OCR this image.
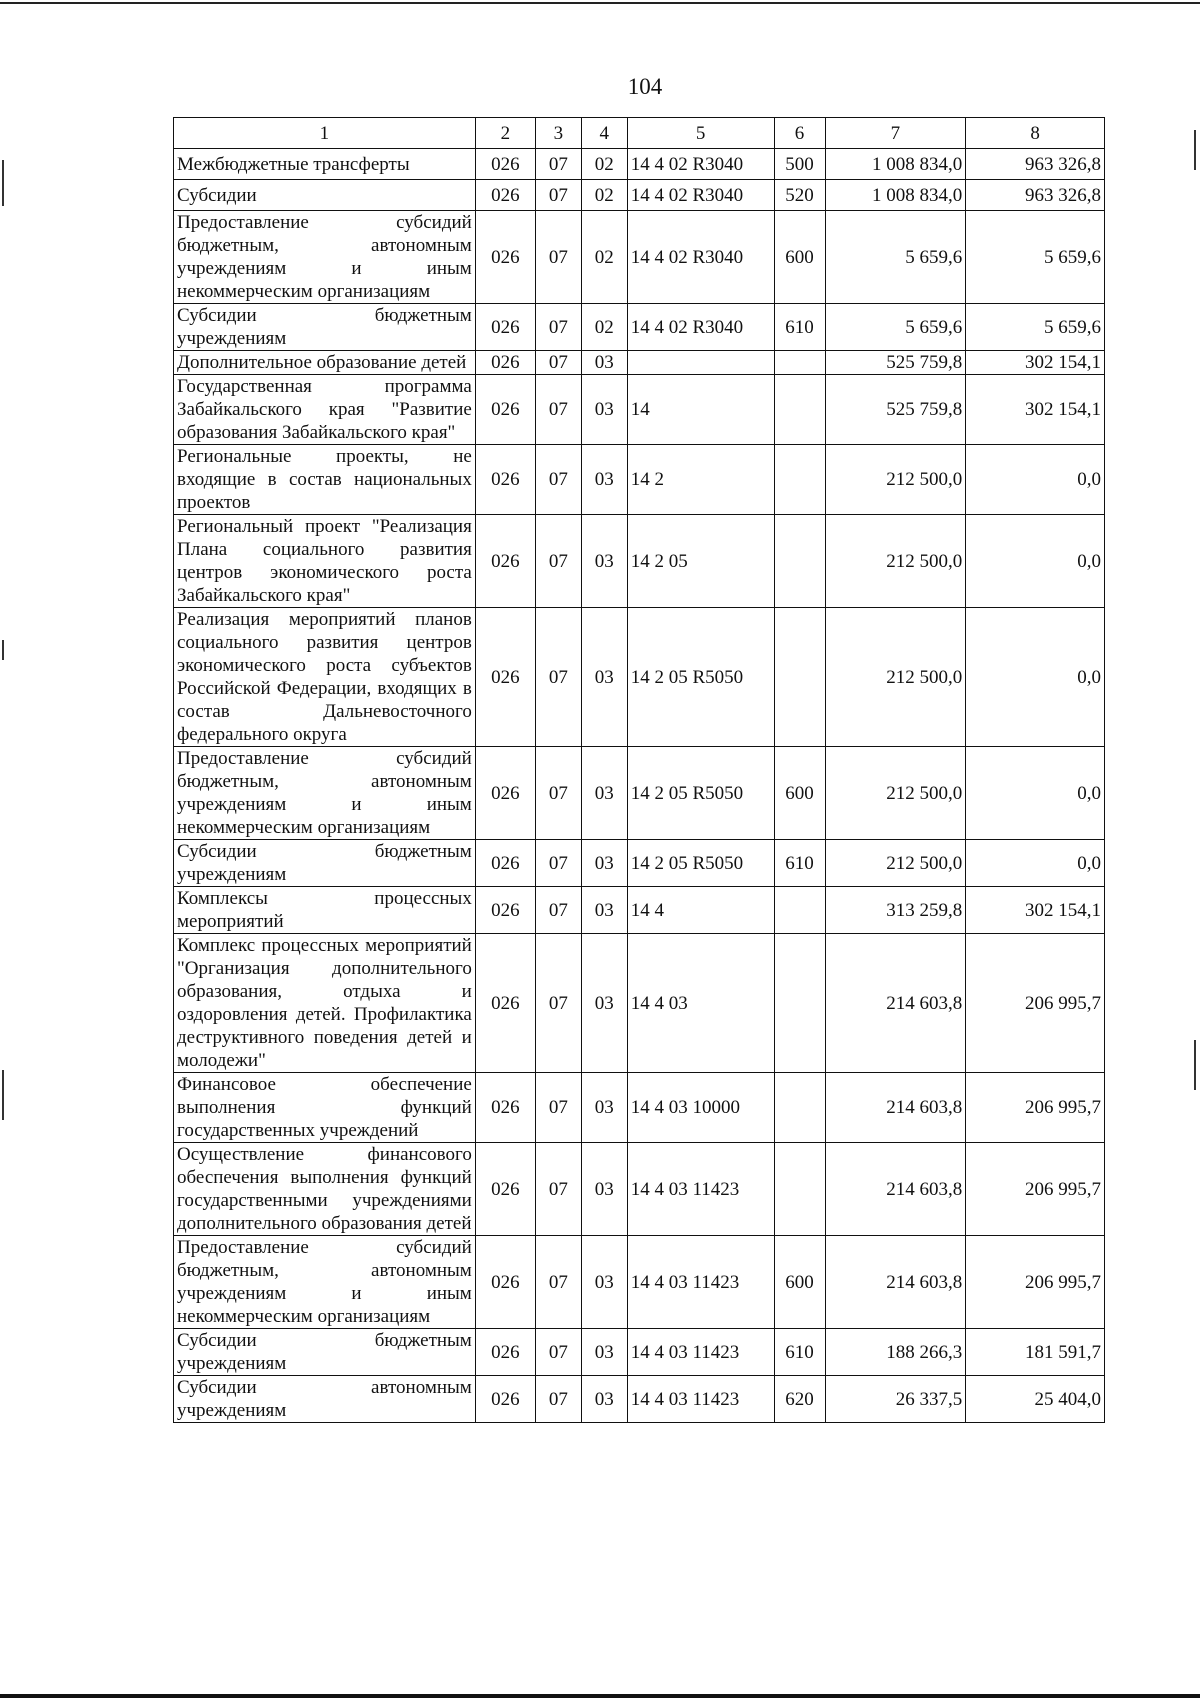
104
1	2	3	4	5	6	7	8
Межбюджетные трансферты	026	07	02	14 4 02 R3040	500	1 008 834,0	963 326,8
Субсидии	026	07	02	14 4 02 R3040	520	1 008 834,0	963 326,8
Предоставление субсидий бюджетным, автономным учреждениям и иным некоммерческим организациям	026	07	02	14 4 02 R3040	600	5 659,6	5 659,6
Субсидии бюджетным учреждениям	026	07	02	14 4 02 R3040	610	5 659,6	5 659,6
Дополнительное образование детей	026	07	03			525 759,8	302 154,1
Государственная программа Забайкальского края "Развитие образования Забайкальского края"	026	07	03	14		525 759,8	302 154,1
Региональные проекты, не входящие в состав национальных проектов	026	07	03	14 2		212 500,0	0,0
Региональный проект "Реализация Плана социального развития центров экономического роста Забайкальского края"	026	07	03	14 2 05		212 500,0	0,0
Реализация мероприятий планов социального развития центров экономического роста субъектов Российской Федерации, входящих в состав Дальневосточного федерального округа	026	07	03	14 2 05 R5050		212 500,0	0,0
Предоставление субсидий бюджетным, автономным учреждениям и иным некоммерческим организациям	026	07	03	14 2 05 R5050	600	212 500,0	0,0
Субсидии бюджетным учреждениям	026	07	03	14 2 05 R5050	610	212 500,0	0,0
Комплексы процессных мероприятий	026	07	03	14 4		313 259,8	302 154,1
Комплекс процессных мероприятий "Организация дополнительного образования, отдыха и оздоровления детей. Профилактика деструктивного поведения детей и молодежи"	026	07	03	14 4 03		214 603,8	206 995,7
Финансовое обеспечение выполнения функций государственных учреждений	026	07	03	14 4 03 10000		214 603,8	206 995,7
Осуществление финансового обеспечения выполнения функций государственными учреждениями дополнительного образования детей	026	07	03	14 4 03 11423		214 603,8	206 995,7
Предоставление субсидий бюджетным, автономным учреждениям и иным некоммерческим организациям	026	07	03	14 4 03 11423	600	214 603,8	206 995,7
Субсидии бюджетным учреждениям	026	07	03	14 4 03 11423	610	188 266,3	181 591,7
Субсидии автономным учреждениям	026	07	03	14 4 03 11423	620	26 337,5	25 404,0
